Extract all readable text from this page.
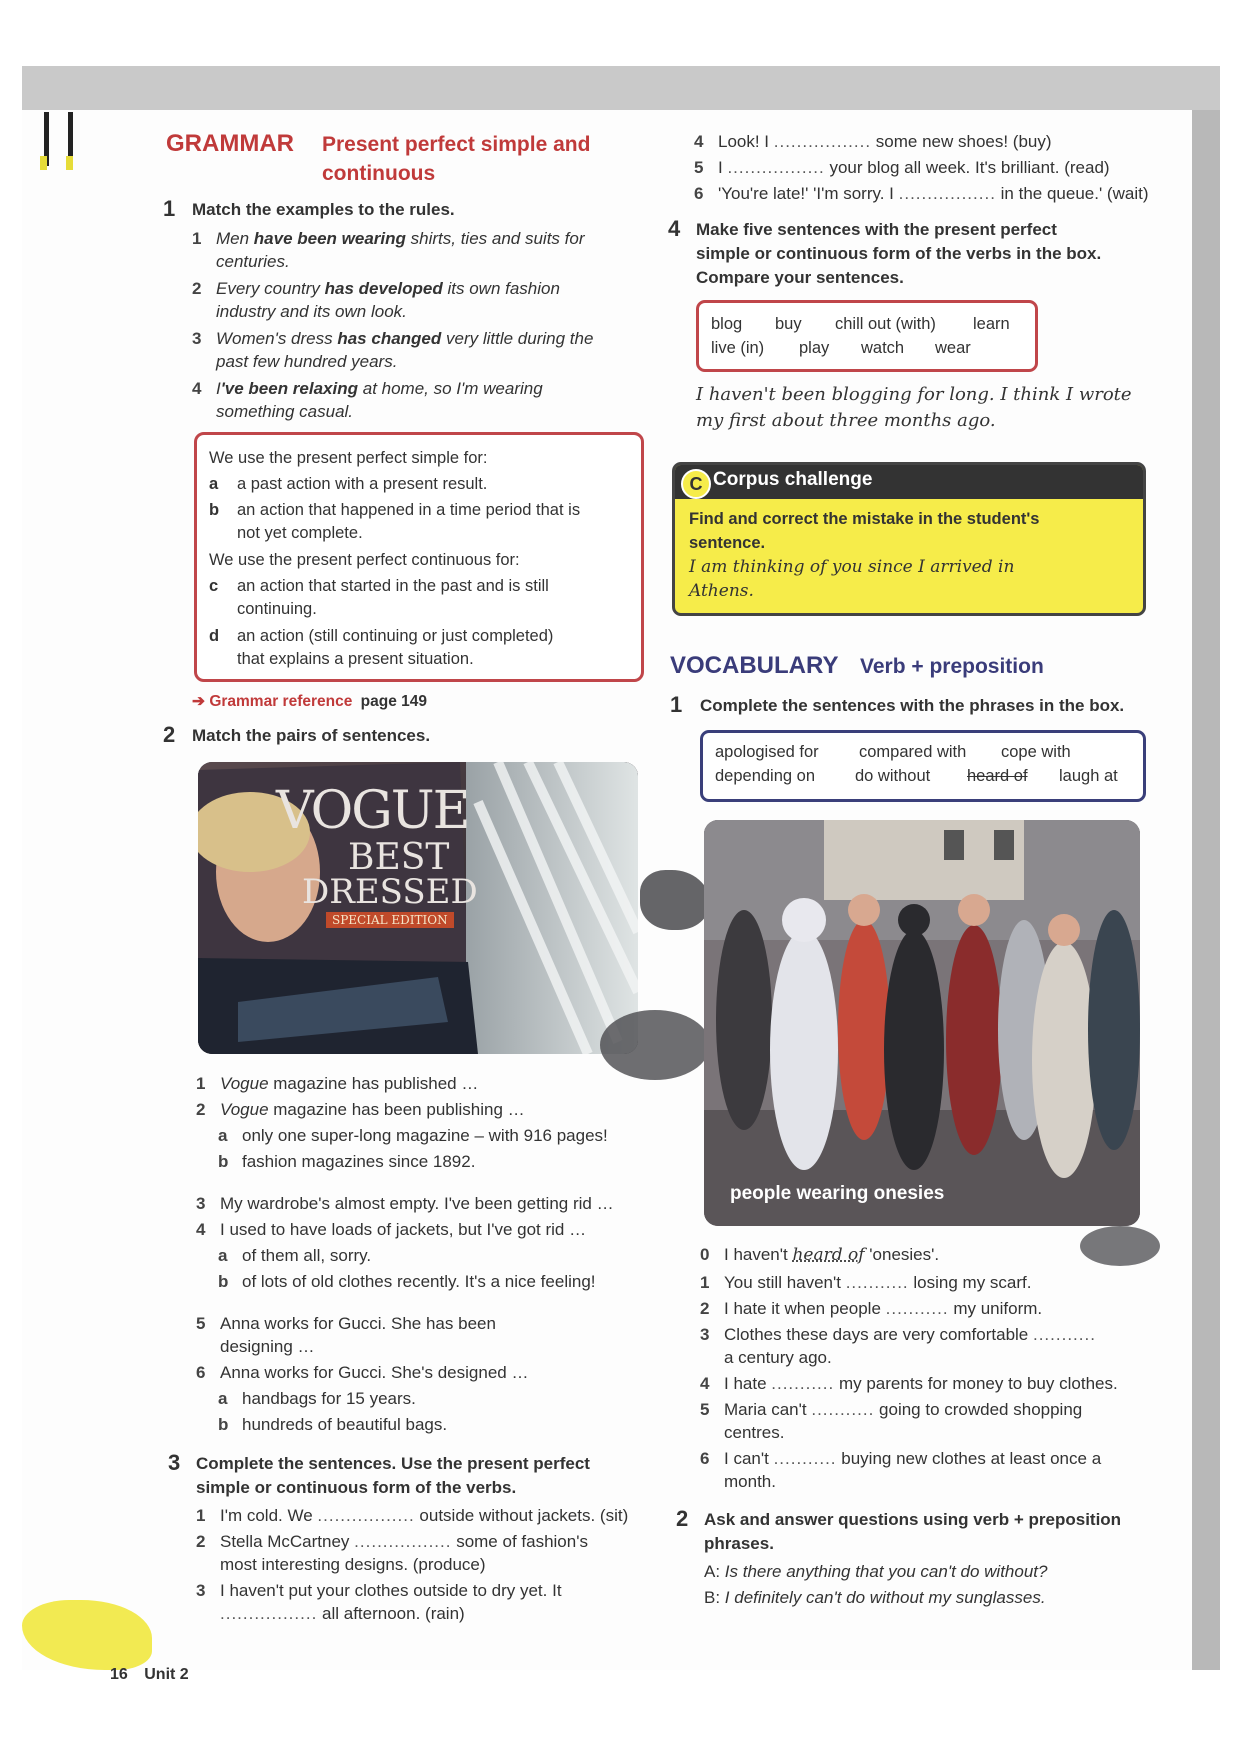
GRAMMAR Present perfect simple and
continuous
1 Match the examples to the rules.
1 Men have been wearing shirts, ties and suits for
centuries.
2 Every country has developed its own fashion
industry and its own look.
3 Women's dress has changed very little during the
past few hundred years.
4 I've been relaxing at home, so I'm wearing
something casual.
We use the present perfect simple for:
a a past action with a present result.
b an action that happened in a time period that is
not yet complete.
We use the present perfect continuous for:
c an action that started in the past and is still
continuing.
d an action (still continuing or just completed)
that explains a present situation.
➔ Grammar reference page 149
2 Match the pairs of sentences.
VOGUE
BEST
DRESSED
SPECIAL EDITION
1 Vogue magazine has published …
2 Vogue magazine has been publishing …
a only one super-long magazine – with 916 pages!
b fashion magazines since 1892.
3 My wardrobe's almost empty. I've been getting rid …
4 I used to have loads of jackets, but I've got rid …
a of them all, sorry.
b of lots of old clothes recently. It's a nice feeling!
5 Anna works for Gucci. She has been
designing …
6 Anna works for Gucci. She's designed …
a handbags for 15 years.
b hundreds of beautiful bags.
3 Complete the sentences. Use the present perfect
simple or continuous form of the verbs.
1 I'm cold. We ................. outside without jackets. (sit)
2 Stella McCartney ................. some of fashion's
most interesting designs. (produce)
3 I haven't put your clothes outside to dry yet. It
................. all afternoon. (rain)
4 Look! I ................. some new shoes! (buy)
5 I ................. your blog all week. It's brilliant. (read)
6 'You're late!' 'I'm sorry. I ................. in the queue.' (wait)
4 Make five sentences with the present perfect
simple or continuous form of the verbs in the box.
Compare your sentences.
blog buy chill out (with) learn
live (in) play watch wear
I haven't been blogging for long. I think I wrote
my first about three months ago.
C Corpus challenge
Find and correct the mistake in the student's
sentence.
I am thinking of you since I arrived in
Athens.
VOCABULARY Verb + preposition
1 Complete the sentences with the phrases in the box.
apologised for compared with cope with
depending on do without heard of laugh at
people wearing onesies
0 I haven't heard of 'onesies'.
1 You still haven't ........... losing my scarf.
2 I hate it when people ........... my uniform.
3 Clothes these days are very comfortable ...........
a century ago.
4 I hate ........... my parents for money to buy clothes.
5 Maria can't ........... going to crowded shopping
centres.
6 I can't ........... buying new clothes at least once a
month.
2 Ask and answer questions using verb + preposition
phrases.
A: Is there anything that you can't do without?
B: I definitely can't do without my sunglasses.
16 Unit 2
